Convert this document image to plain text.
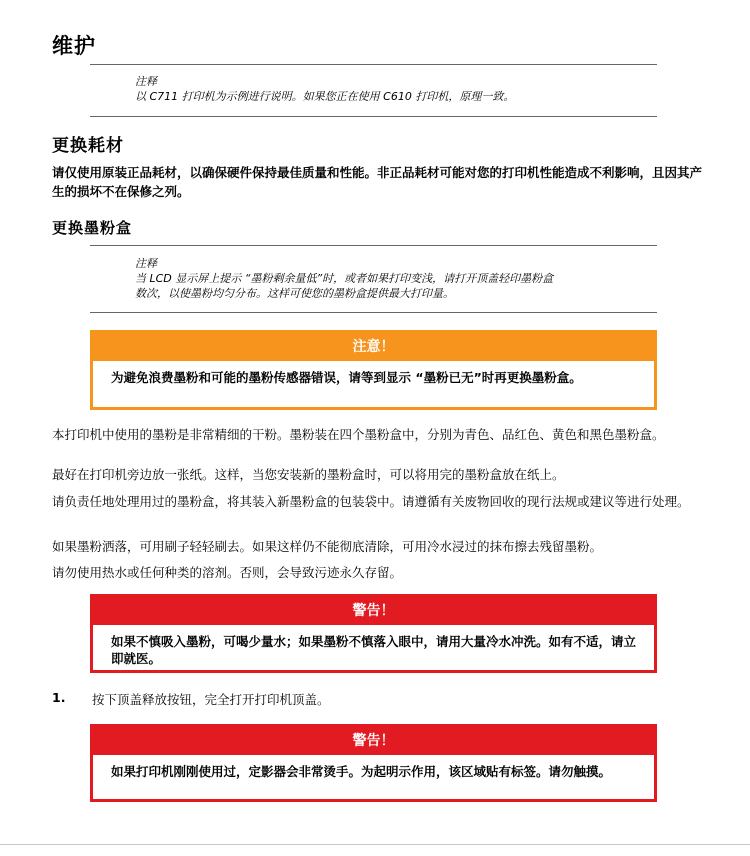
维护
注释
以 C711 打印机为示例进行说明。如果您正在使用 C610 打印机，原理一致。
更换耗材
请仅使用原装正品耗材，以确保硬件保持最佳质量和性能。非正品耗材可能对您的打印机性能造成不利影响，且因其产生的损坏不在保修之列。
更换墨粉盒
注释
当 LCD 显示屏上提示 “墨粉剩余量低”时，或者如果打印变浅，请打开顶盖轻印墨粉盒
数次，以使墨粉均匀分布。这样可使您的墨粉盒提供最大打印量。
注意！
为避免浪费墨粉和可能的墨粉传感器错误，请等到显示 “墨粉已无”时再更换墨粉盒。
本打印机中使用的墨粉是非常精细的干粉。墨粉装在四个墨粉盒中，分别为青色、品红色、黄色和黑色墨粉盒。
最好在打印机旁边放一张纸。这样，当您安装新的墨粉盒时，可以将用完的墨粉盒放在纸上。
请负责任地处理用过的墨粉盒，将其装入新墨粉盒的包装袋中。请遵循有关废物回收的现行法规或建议等进行处理。
如果墨粉洒落，可用刷子轻轻刷去。如果这样仍不能彻底清除，可用冷水浸过的抹布擦去残留墨粉。
请勿使用热水或任何种类的溶剂。否则，会导致污迹永久存留。
警告！
如果不慎吸入墨粉，可喝少量水；如果墨粉不慎落入眼中，请用大量冷水冲洗。如有不适，请立即就医。
1. 按下顶盖释放按钮，完全打开打印机顶盖。
警告！
如果打印机刚刚使用过，定影器会非常烫手。为起明示作用，该区域贴有标签。请勿触摸。
